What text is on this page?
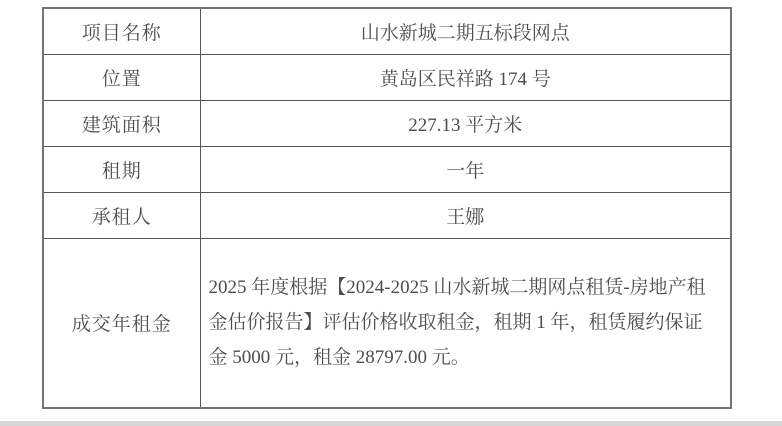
项目名称	山水新城二期五标段网点
位置	黄岛区民祥路 174 号
建筑面积	227.13 平方米
租期	一年
承租人	王娜
成交年租金	2025 年度根据【2024-2025 山水新城二期网点租赁-房地产租金估价报告】评估价格收取租金，租期 1 年，租赁履约保证金 5000 元，租金 28797.00 元。
